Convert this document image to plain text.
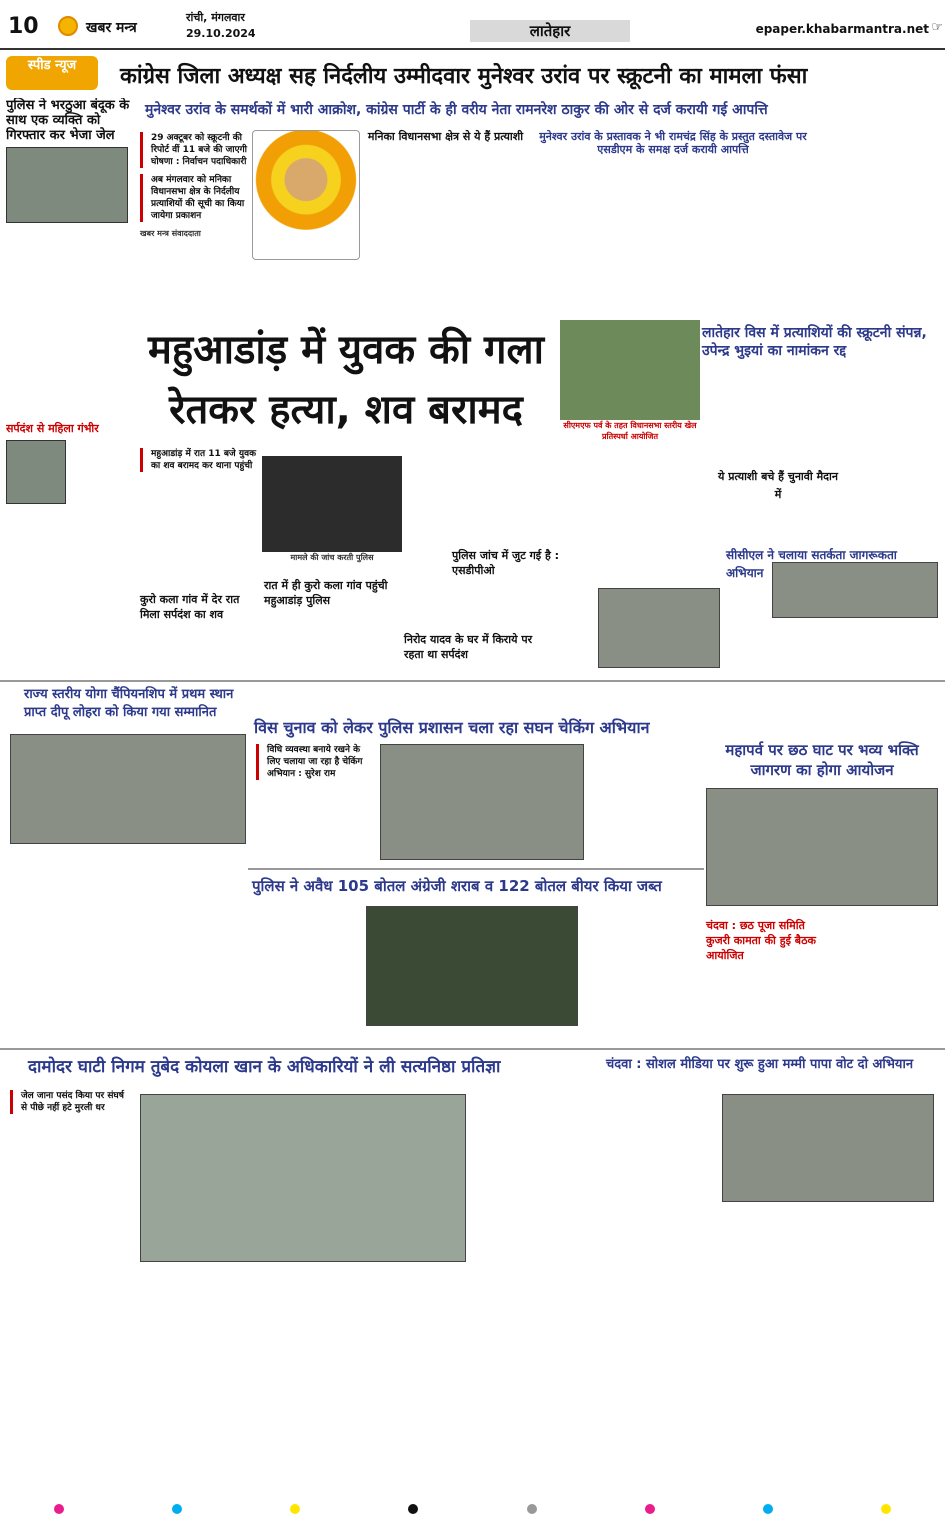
10	खबर मन्त्र
रांची, मंगलवार
29.10.2024	लातेहार	epaper.khabarmantra.net ☞
स्पीड न्यूज	कांग्रेस जिला अध्यक्ष सह निर्दलीय उम्मीदवार मुनेश्वर उरांव पर स्क्रूटनी का मामला फंसा
मुनेश्वर उरांव के समर्थकों में भारी आक्रोश, कांग्रेस पार्टी के ही वरीय नेता रामनरेश ठाकुर की ओर से दर्ज करायी गई आपत्ति
पुलिस ने भरठुआ बंदूक के साथ एक व्यक्ति को गिरफ्तार कर भेजा जेल
सर्पदंश से महिला गंभीर
29 अक्टूबर को स्क्रूटनी की रिपोर्ट वीं 11 बजे की जाएगी घोषणा : निर्वाचन पदाधिकारी
अब मंगलवार को मनिका विधानसभा क्षेत्र के निर्दलीय प्रत्याशियों की सूची का किया जायेगा प्रकाशन
खबर मन्त्र संवाददाता
मनिका विधानसभा क्षेत्र से ये हैं प्रत्याशी	मुनेश्वर उरांव के प्रस्तावक ने भी रामचंद्र सिंह के प्रस्तुत दस्तावेज पर एसडीएम के समक्ष दर्ज करायी आपत्ति
महुआडांड़ में युवक की गला रेतकर हत्या, शव बरामद	सीएमएफ पर्व के तहत विधानसभा स्तरीय खेल प्रतिस्पर्धा आयोजित
लातेहार विस में प्रत्याशियों की स्क्रूटनी संपन्न, उपेन्द्र भुइयां का नामांकन रद्द
ये प्रत्याशी बचे हैं चुनावी मैदान में
सीसीएल ने चलाया सतर्कता जागरूकता अभियान
महुआडांड़ में रात 11 बजे युवक का शव बरामद कर थाना पहुंची
कुरो कला गांव में देर रात मिला सर्पदंश का शव
मामले की जांच करती पुलिस
रात में ही कुरो कला गांव पहुंची महुआडांड़ पुलिस
निरोद यादव के घर में किराये पर रहता था सर्पदंश
पुलिस जांच में जुट गई है : एसडीपीओ
राज्य स्तरीय योगा चैंपियनशिप में प्रथम स्थान प्राप्त दीपू लोहरा को किया गया सम्मानित
विस चुनाव को लेकर पुलिस प्रशासन चला रहा सघन चेकिंग अभियान
विधि व्यवस्था बनाये रखने के लिए चलाया जा रहा है चेकिंग अभियान : सुरेश राम
महापर्व पर छठ घाट पर भव्य भक्ति जागरण का होगा आयोजन
चंदवा : छठ पूजा समिति कुजरी कामता की हुई बैठक आयोजित
पुलिस ने अवैध 105 बोतल अंग्रेजी शराब व 122 बोतल बीयर किया जब्त
दामोदर घाटी निगम तुबेद कोयला खान के अधिकारियों ने ली सत्यनिष्ठा प्रतिज्ञा
जेल जाना पसंद किया पर संघर्ष से पीछे नहीं हटे मुरली धर
चंदवा : सोशल मीडिया पर शुरू हुआ मम्मी पापा वोट दो अभियान
